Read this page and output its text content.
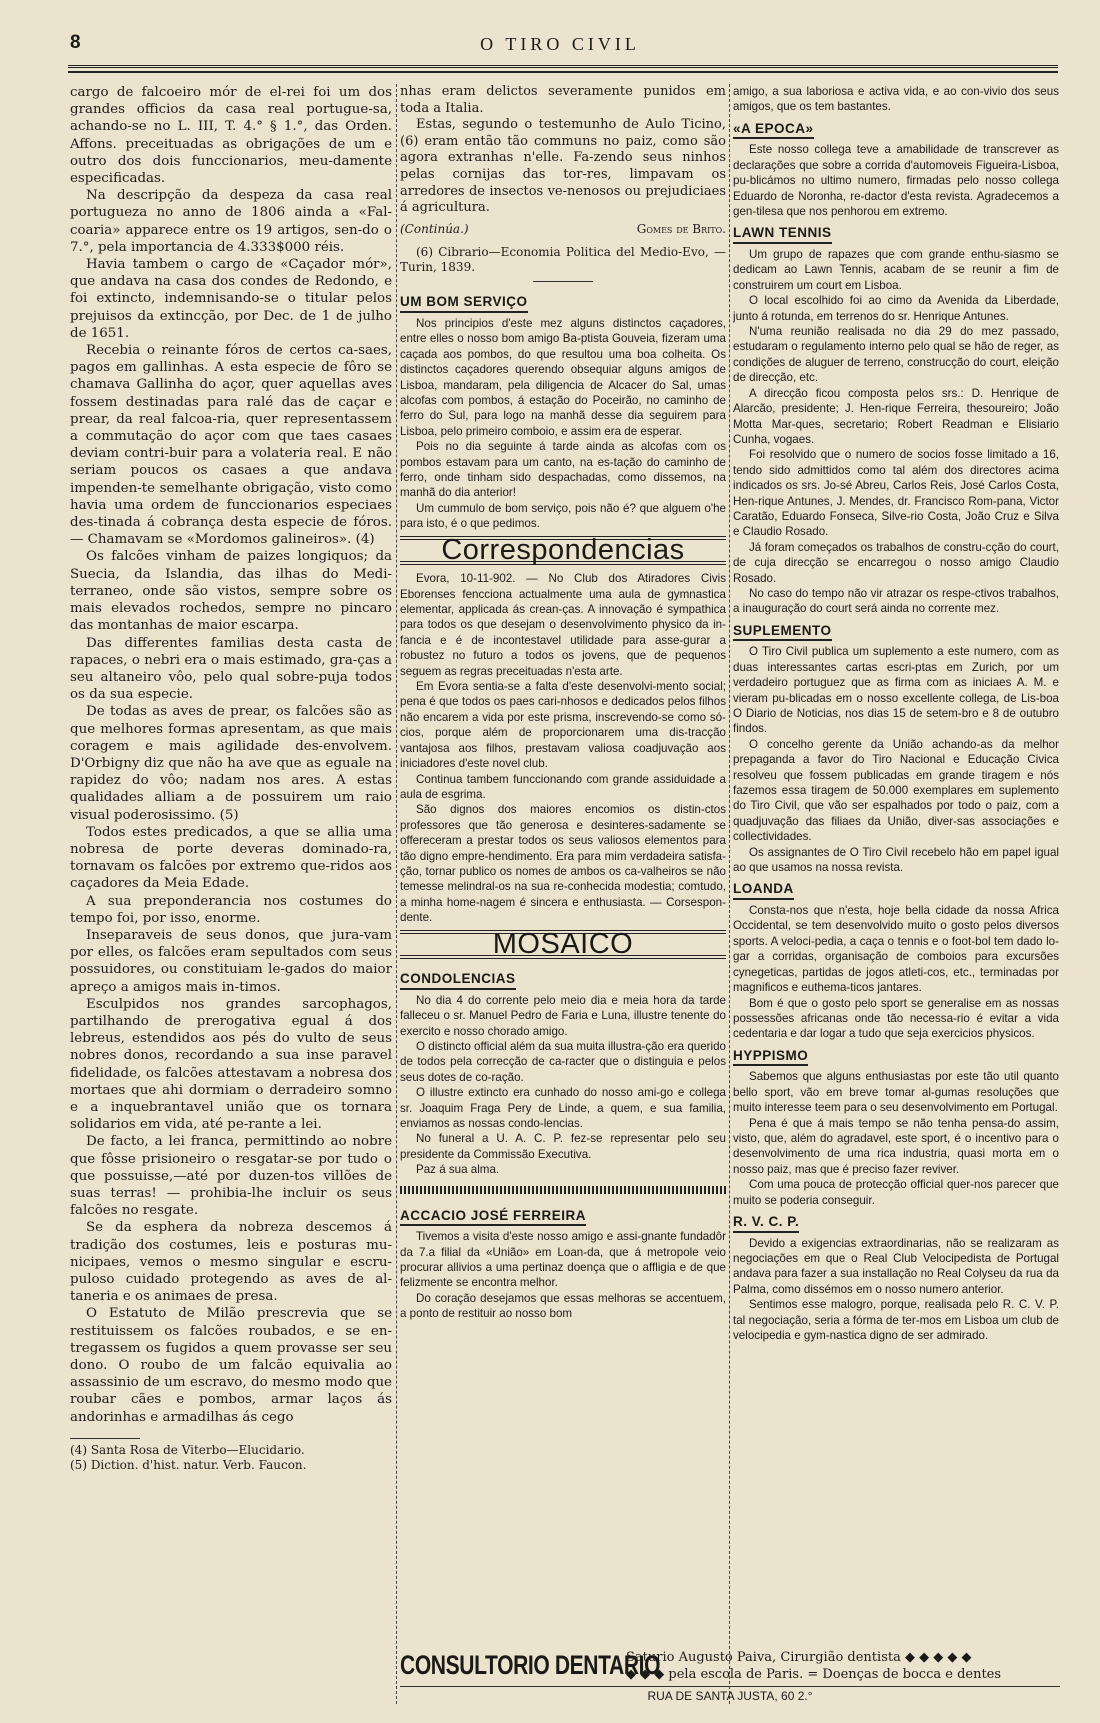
8	O TIRO CIVIL

cargo de falcoeiro mór de el-rei foi um dos grandes officios da casa real portugue-sa, achando-se no L. III, T. 4.° § 1.°, das Orden. Affons. preceituadas as obrigações de um e outro dos dois funccionarios, meu-damente especificadas.

Na descripção da despeza da casa real portugueza no anno de 1806 ainda a «Fal-coaria» apparece entre os 19 artigos, sen-do o 7.°, pela importancia de 4.333$000 réis.

Havia tambem o cargo de «Caçador mór», que andava na casa dos condes de Redondo, e foi extincto, indemnisando-se o titular pelos prejuisos da extincção, por Dec. de 1 de julho de 1651.

Recebia o reinante fóros de certos ca-saes, pagos em gallinhas. A esta especie de fôro se chamava Gallinha do açor, quer aquellas aves fossem destinadas para ralé das de caçar e prear, da real falcoa-ria, quer representassem a commutação do açor com que taes casaes deviam contri-buir para a volateria real. E não seriam poucos os casaes a que andava impenden-te semelhante obrigação, visto como havia uma ordem de funccionarios especiaes des-tinada á cobrança desta especie de fóros.— Chamavam se «Mordomos galineiros». (4)

Os falcões vinham de paizes longiquos; da Suecia, da Islandia, das ilhas do Medi-terraneo, onde são vistos, sempre sobre os mais elevados rochedos, sempre no pincaro das montanhas de maior escarpa.

Das differentes familias desta casta de rapaces, o nebri era o mais estimado, gra-ças a seu altaneiro vôo, pelo qual sobre-puja todos os da sua especie.

De todas as aves de prear, os falcões são as que melhores formas apresentam, as que mais coragem e mais agilidade des-envolvem. D'Orbigny diz que não ha ave que as eguale na rapidez do vôo; nadam nos ares. A estas qualidades alliam a de possuirem um raio visual poderosissimo. (5)

Todos estes predicados, a que se allia uma nobresa de porte deveras dominado-ra, tornavam os falcões por extremo que-ridos aos caçadores da Meia Edade.

A sua preponderancia nos costumes do tempo foi, por isso, enorme.

Inseparaveis de seus donos, que jura-vam por elles, os falcões eram sepultados com seus possuidores, ou constituiam le-gados do maior apreço a amigos mais in-timos.

Esculpidos nos grandes sarcophagos, partilhando de prerogativa egual á dos lebreus, estendidos aos pés do vulto de seus nobres donos, recordando a sua inse paravel fidelidade, os falcões attestavam a nobresa dos mortaes que ahi dormiam o derradeiro somno e a inquebrantavel união que os tornara solidarios em vida, até pe-rante a lei.

De facto, a lei franca, permittindo ao nobre que fôsse prisioneiro o resgatar-se por tudo o que possuisse,—até por duzen-tos villões de suas terras! — prohibia-lhe incluir os seus falcões no resgate.

Se da esphera da nobreza descemos á tradição dos costumes, leis e posturas mu-nicipaes, vemos o mesmo singular e escru-puloso cuidado protegendo as aves de al-taneria e os animaes de presa.

O Estatuto de Milão prescrevia que se restituissem os falcões roubados, e se en-tregassem os fugidos a quem provasse ser seu dono. O roubo de um falcão equivalia ao assassinio de um escravo, do mesmo modo que roubar cães e pombos, armar laços ás andorinhas e armadilhas ás cego

(4) Santa Rosa de Viterbo—Elucidario.

(5) Diction. d'hist. natur. Verb. Faucon.

nhas eram delictos severamente punidos em toda a Italia.

Estas, segundo o testemunho de Aulo Ticino, (6) eram então tão communs no paiz, como são agora extranhas n'elle. Fa-zendo seus ninhos pelas cornijas das tor-res, limpavam os arredores de insectos ve-nenosos ou prejudiciaes á agricultura.

(Continúa.)	Gomes de Brito.

(6) Cibrario—Economia Politica del Medio-Evo, —Turin, 1839.

UM BOM SERVIÇO

Nos principios d'este mez alguns distinctos caçadores, entre elles o nosso bom amigo Ba-ptista Gouveia, fizeram uma caçada aos pombos, do que resultou uma boa colheita. Os distinctos caçadores querendo obsequiar alguns amigos de Lisboa, mandaram, pela diligencia de Alcacer do Sal, umas alcofas com pombos, á estação do Poceirão, no caminho de ferro do Sul, para logo na manhã desse dia seguirem para Lisboa, pelo primeiro comboio, e assim era de esperar.

Pois no dia seguinte á tarde ainda as alcofas com os pombos estavam para um canto, na es-tação do caminho de ferro, onde tinham sido despachadas, como dissemos, na manhã do dia anterior!

Um cummulo de bom serviço, pois não é? que alguem o'he para isto, é o que pedimos.

Correspondencias

Evora, 10-11-902. — No Club dos Atiradores Civis Eborenses fencciona actualmente uma aula de gymnastica elementar, applicada ás crean-ças. A innovação é sympathica para todos os que desejam o desenvolvimento physico da in-fancia e é de incontestavel utilidade para asse-gurar a robustez no futuro a todos os jovens, que de pequenos seguem as regras preceituadas n'esta arte.

Em Evora sentia-se a falta d'este desenvolvi-mento social; pena é que todos os paes cari-nhosos e dedicados pelos filhos não encarem a vida por este prisma, inscrevendo-se como só-cios, porque além de proporcionarem uma dis-tracção vantajosa aos filhos, prestavam valiosa coadjuvação aos iniciadores d'este novel club.

Continua tambem funccionando com grande assiduidade a aula de esgrima.

São dignos dos maiores encomios os distin-ctos professores que tão generosa e desinteres-sadamente se offereceram a prestar todos os seus valiosos elementos para tão digno empre-hendimento. Era para mim verdadeira satisfa-ção, tornar publico os nomes de ambos os ca-valheiros se não temesse melindral-os na sua re-conhecida modestia; comtudo, a minha home-nagem é sincera e enthusiasta. — Corsespon-dente.

MOSAICO
CONDOLENCIAS

No dia 4 do corrente pelo meio dia e meia hora da tarde falleceu o sr. Manuel Pedro de Faria e Luna, illustre tenente do exercito e nosso chorado amigo.

O distincto official além da sua muita illustra-ção era querido de todos pela correcção de ca-racter que o distinguia e pelos seus dotes de co-ração.

O illustre extincto era cunhado do nosso ami-go e collega sr. Joaquim Fraga Pery de Linde, a quem, e sua familia, enviamos as nossas condo-lencias.

No funeral a U. A. C. P. fez-se representar pelo seu presidente da Commissão Executiva.

Paz á sua alma.

ACCACIO JOSÉ FERREIRA

Tivemos a visita d'este nosso amigo e assi-gnante fundadôr da 7.a filial da «União» em Loan-da, que á metropole veio procurar allivios a uma pertinaz doença que o affligia e de que felizmente se encontra melhor.

Do coração desejamos que essas melhoras se accentuem, a ponto de restituir ao nosso bom

amigo, a sua laboriosa e activa vida, e ao con-vivio dos seus amigos, que os tem bastantes.

«A EPOCA»

Este nosso collega teve a amabilidade de transcrever as declarações que sobre a corrida d'automoveis Figueira-Lisboa, pu-blicámos no ultimo numero, firmadas pelo nosso collega Eduardo de Noronha, re-dactor d'esta revista. Agradecemos a gen-tilesa que nos penhorou em extremo.

LAWN TENNIS

Um grupo de rapazes que com grande enthu-siasmo se dedicam ao Lawn Tennis, acabam de se reunir a fim de construirem um court em Lisboa.

O local escolhido foi ao cimo da Avenida da Liberdade, junto á rotunda, em terrenos do sr. Henrique Antunes.

N'uma reunião realisada no dia 29 do mez passado, estudaram o regulamento interno pelo qual se hão de reger, as condições de aluguer de terreno, construcção do court, eleição de direcção, etc.

A direcção ficou composta pelos srs.: D. Henrique de Alarcão, presidente; J. Hen-rique Ferreira, thesoureiro; João Motta Mar-ques, secretario; Robert Readman e Elisiario Cunha, vogaes.

Foi resolvido que o numero de socios fosse limitado a 16, tendo sido admittidos como tal além dos directores acima indicados os srs. Jo-sé Abreu, Carlos Reis, José Carlos Costa, Hen-rique Antunes, J. Mendes, dr. Francisco Rom-pana, Victor Caratão, Eduardo Fonseca, Silve-rio Costa, João Cruz e Silva e Claudio Rosado.

Já foram começados os trabalhos de constru-cção do court, de cuja direcção se encarregou o nosso amigo Claudio Rosado.

No caso do tempo não vir atrazar os respe-ctivos trabalhos, a inauguração do court será ainda no corrente mez.

SUPLEMENTO

O Tiro Civil publica um suplemento a este numero, com as duas interessantes cartas escri-ptas em Zurich, por um verdadeiro portuguez que as firma com as iniciaes A. M. e vieram pu-blicadas em o nosso excellente collega, de Lis-boa O Diario de Noticias, nos dias 15 de setem-bro e 8 de outubro findos.

O concelho gerente da União achando-as da melhor prepaganda a favor do Tiro Nacional e Educação Civica resolveu que fossem publicadas em grande tiragem e nós fazemos essa tiragem de 50.000 exemplares em suplemento do Tiro Civil, que vão ser espalhados por todo o paiz, com a quadjuvação das filiaes da União, diver-sas associações e collectividades.

Os assignantes de O Tiro Civil recebelo hão em papel igual ao que usamos na nossa revista.

LOANDA

Consta-nos que n'esta, hoje bella cidade da nossa Africa Occidental, se tem desenvolvido muito o gosto pelos diversos sports. A veloci-pedia, a caça o tennis e o foot-bol tem dado lo-gar a corridas, organisação de comboios para excursões cynegeticas, partidas de jogos atleti-cos, etc., terminadas por magnificos e euthema-ticos jantares.

Bom é que o gosto pelo sport se generalise em as nossas possessões africanas onde tão necessa-rio é evitar a vida cedentaria e dar logar a tudo que seja exercicios physicos.

HYPPISMO

Sabemos que alguns enthusiastas por este tão util quanto bello sport, vão em breve tomar al-gumas resoluções que muito interesse teem para o seu desenvolvimento em Portugal.

Pena é que á mais tempo se não tenha pensa-do assim, visto, que, além do agradavel, este sport, é o incentivo para o desenvolvimento de uma rica industria, quasi morta em o nosso paiz, mas que é preciso fazer reviver.

Com uma pouca de protecção official quer-nos parecer que muito se poderia conseguir.

R. V. C. P.

Devido a exigencias extraordinarias, não se realizaram as negociações em que o Real Club Velocipedista de Portugal andava para fazer a sua installação no Real Colyseu da rua da Palma, como dissémos em o nosso numero anterior.

Sentimos esse malogro, porque, realisada pelo R. C. V. P. tal negociação, seria a fórma de ter-mos em Lisboa um club de velocipedia e gym-nastica digno de ser admirado.

CONSULTORIO DENTARIO
Saturio Augusto Paiva, Cirurgião dentista ◆ ◆ ◆ ◆ ◆
◆ ◆ ◆ pela escola de Paris. = Doenças de bocca e dentes
RUA DE SANTA JUSTA, 60 2.°
